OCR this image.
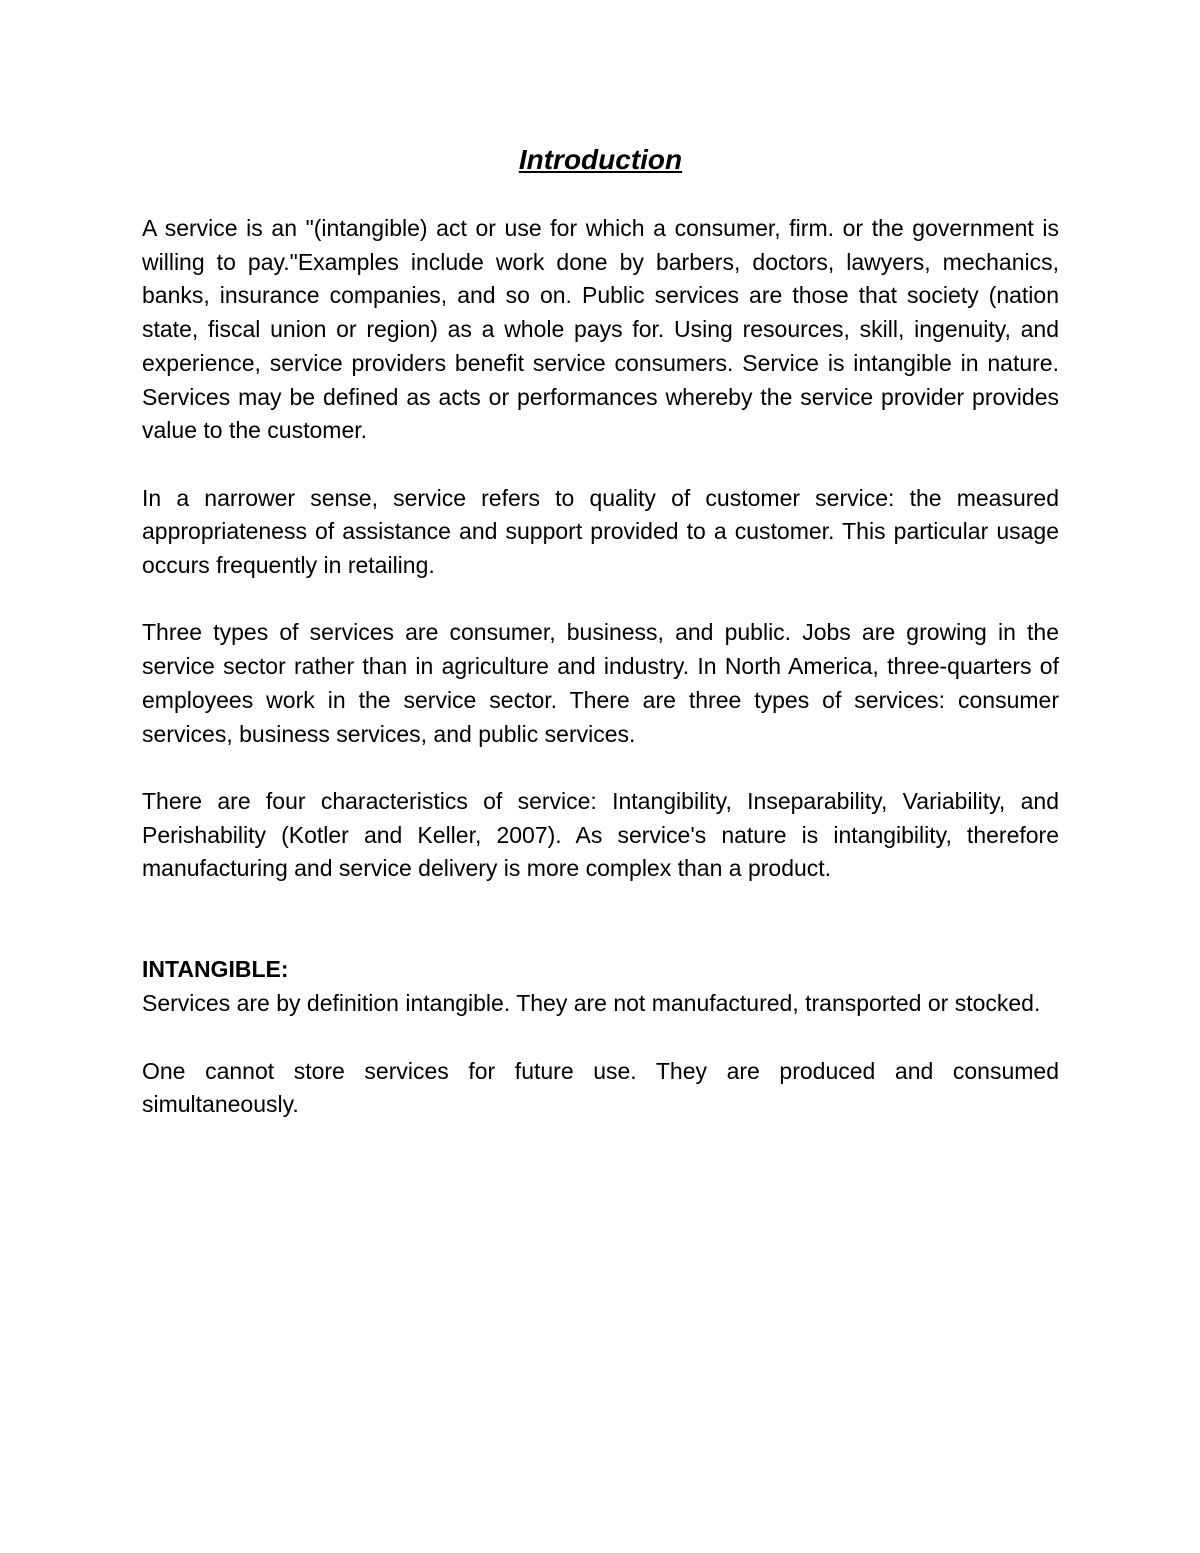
Introduction

A service is an "(intangible) act or use for which a consumer, firm. or the government is willing to pay."Examples include work done by barbers, doctors, lawyers, mechanics, banks, insurance companies, and so on. Public services are those that society (nation state, fiscal union or region) as a whole pays for. Using resources, skill, ingenuity, and experience, service providers benefit service consumers. Service is intangible in nature. Services may be defined as acts or performances whereby the service provider provides value to the customer.

In a narrower sense, service refers to quality of customer service: the measured appropriateness of assistance and support provided to a customer. This particular usage occurs frequently in retailing.

Three types of services are consumer, business, and public. Jobs are growing in the service sector rather than in agriculture and industry. In North America, three-quarters of employees work in the service sector. There are three types of services: consumer services, business services, and public services.

There are four characteristics of service: Intangibility, Inseparability, Variability, and Perishability (Kotler and Keller, 2007). As service's nature is intangibility, therefore manufacturing and service delivery is more complex than a product.

INTANGIBLE:

Services are by definition intangible. They are not manufactured, transported or stocked.

One cannot store services for future use. They are produced and consumed simultaneously.
